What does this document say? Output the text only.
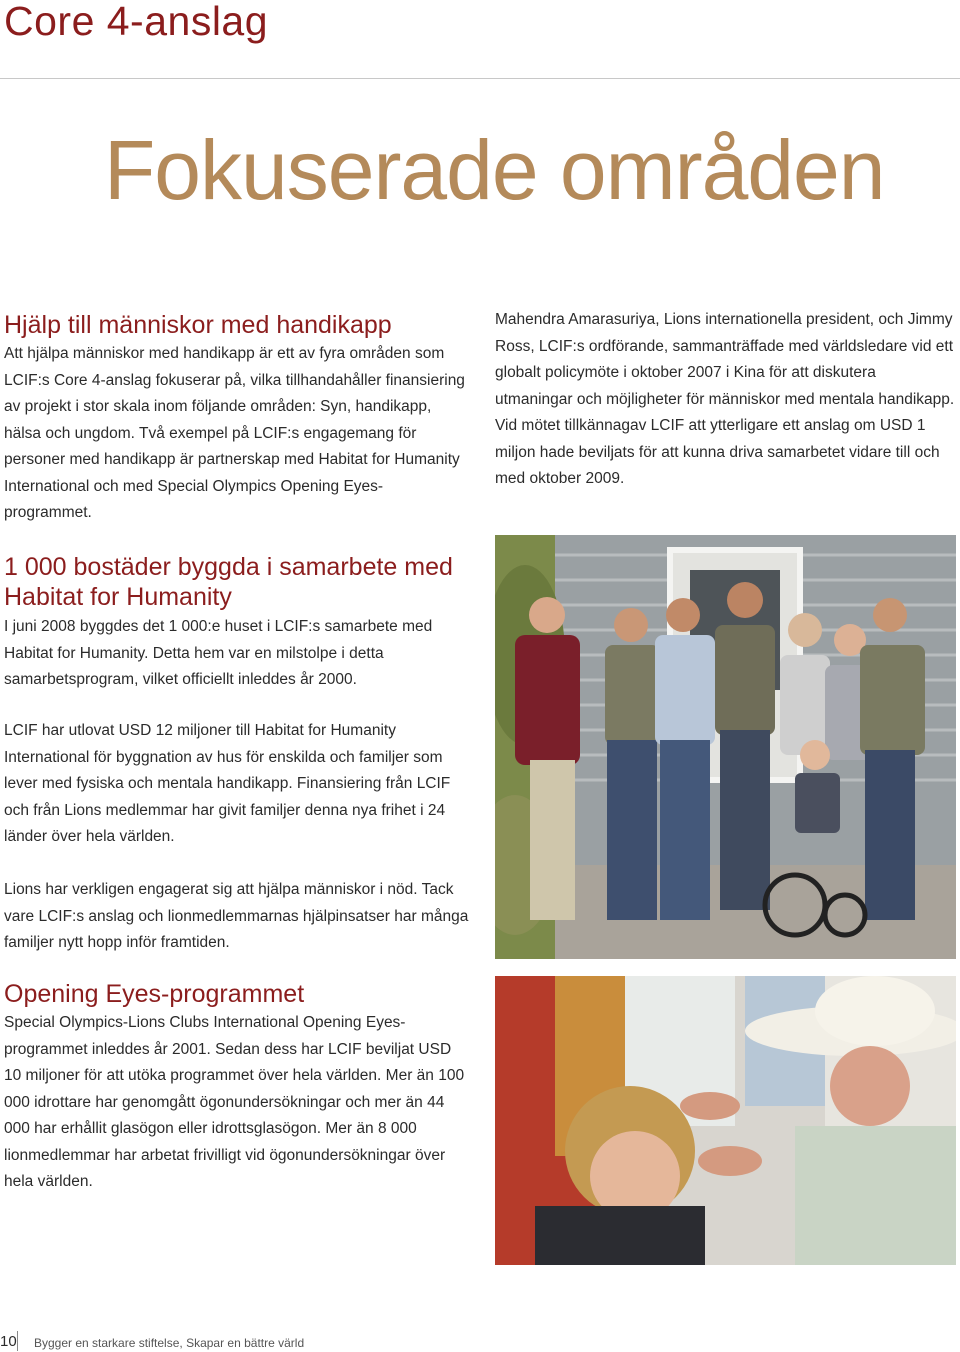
Core 4-anslag
Fokuserade områden
Hjälp till människor med handikapp

Att hjälpa människor med handikapp är ett av fyra områden som LCIF:s Core 4-anslag fokuserar på, vilka tillhandahåller finansiering av projekt i stor skala inom följande områden: Syn, handikapp, hälsa och ungdom. Två exempel på LCIF:s engagemang för personer med handikapp är partnerskap med Habitat for Humanity International och med Special Olympics Opening Eyes-programmet.

1 000 bostäder byggda i samarbete med Habitat for Humanity

I juni 2008 byggdes det 1 000:e huset i LCIF:s samarbete med Habitat for Humanity. Detta hem var en milstolpe i detta samarbetsprogram, vilket officiellt inleddes år 2000.

LCIF har utlovat USD 12 miljoner till Habitat for Humanity International för byggnation av hus för enskilda och familjer som lever med fysiska och mentala handikapp. Finansiering från LCIF och från Lions medlemmar har givit familjer denna nya frihet i 24 länder över hela världen.

Lions har verkligen engagerat sig att hjälpa människor i nöd. Tack vare LCIF:s anslag och lionmedlemmarnas hjälpinsatser har många familjer nytt hopp inför framtiden.

Opening Eyes-programmet

Special Olympics-Lions Clubs International Opening Eyes-programmet inleddes år 2001. Sedan dess har LCIF beviljat USD 10 miljoner för att utöka programmet över hela världen. Mer än 100 000 idrottare har genomgått ögonundersökningar och mer än 44 000 har erhållit glasögon eller idrottsglasögon. Mer än 8 000 lionmedlemmar har arbetat frivilligt vid ögonundersökningar över hela världen.

Mahendra Amarasuriya, Lions internationella president, och Jimmy Ross, LCIF:s ordförande, sammanträffade med världsledare vid ett globalt policymöte i oktober 2007 i Kina för att diskutera utmaningar och möjligheter för människor med mentala handikapp. Vid mötet tillkännagav LCIF att ytterligare ett anslag om USD 1 miljon hade beviljats för att kunna driva samarbetet vidare till och med oktober 2009.

10 Bygger en starkare stiftelse, Skapar en bättre värld
